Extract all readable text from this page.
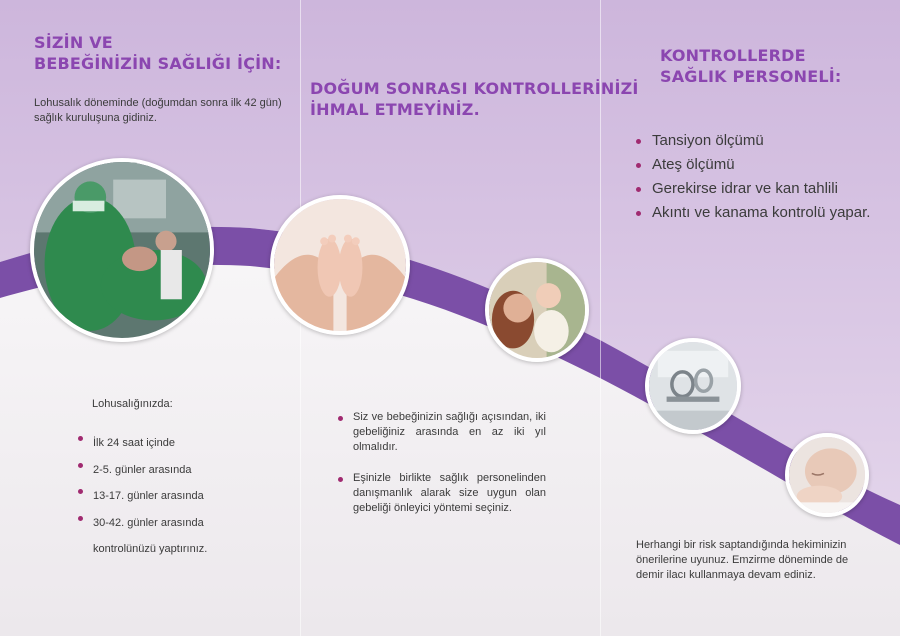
SİZİN VE
BEBEĞİNİZİN SAĞLIĞI İÇİN:

Lohusalık döneminde (doğumdan sonra ilk 42 gün) sağlık kuruluşuna gidiniz.

Lohusalığınızda:

İlk 24 saat içinde
2-5. günler arasında
13-17. günler arasında
30-42. günler arasında
kontrolünüzü yaptırınız.
DOĞUM SONRASI KONTROLLERİNİZİ
İHMAL ETMEYİNİZ.
Siz ve bebeğinizin sağlığı açısından, iki gebeliğiniz arasında en az iki yıl olmalıdır.
Eşinizle birlikte sağlık personelinden danışmanlık alarak size uygun olan gebeliği önleyici yöntemi seçiniz.
KONTROLLERDE
SAĞLIK PERSONELİ:
Tansiyon ölçümü
Ateş ölçümü
Gerekirse idrar ve kan tahlili
Akıntı ve kanama kontrolü yapar.

Herhangi bir risk saptandığında hekiminizin önerilerine uyunuz. Emzirme döneminde de demir ilacı kullanmaya devam ediniz.
